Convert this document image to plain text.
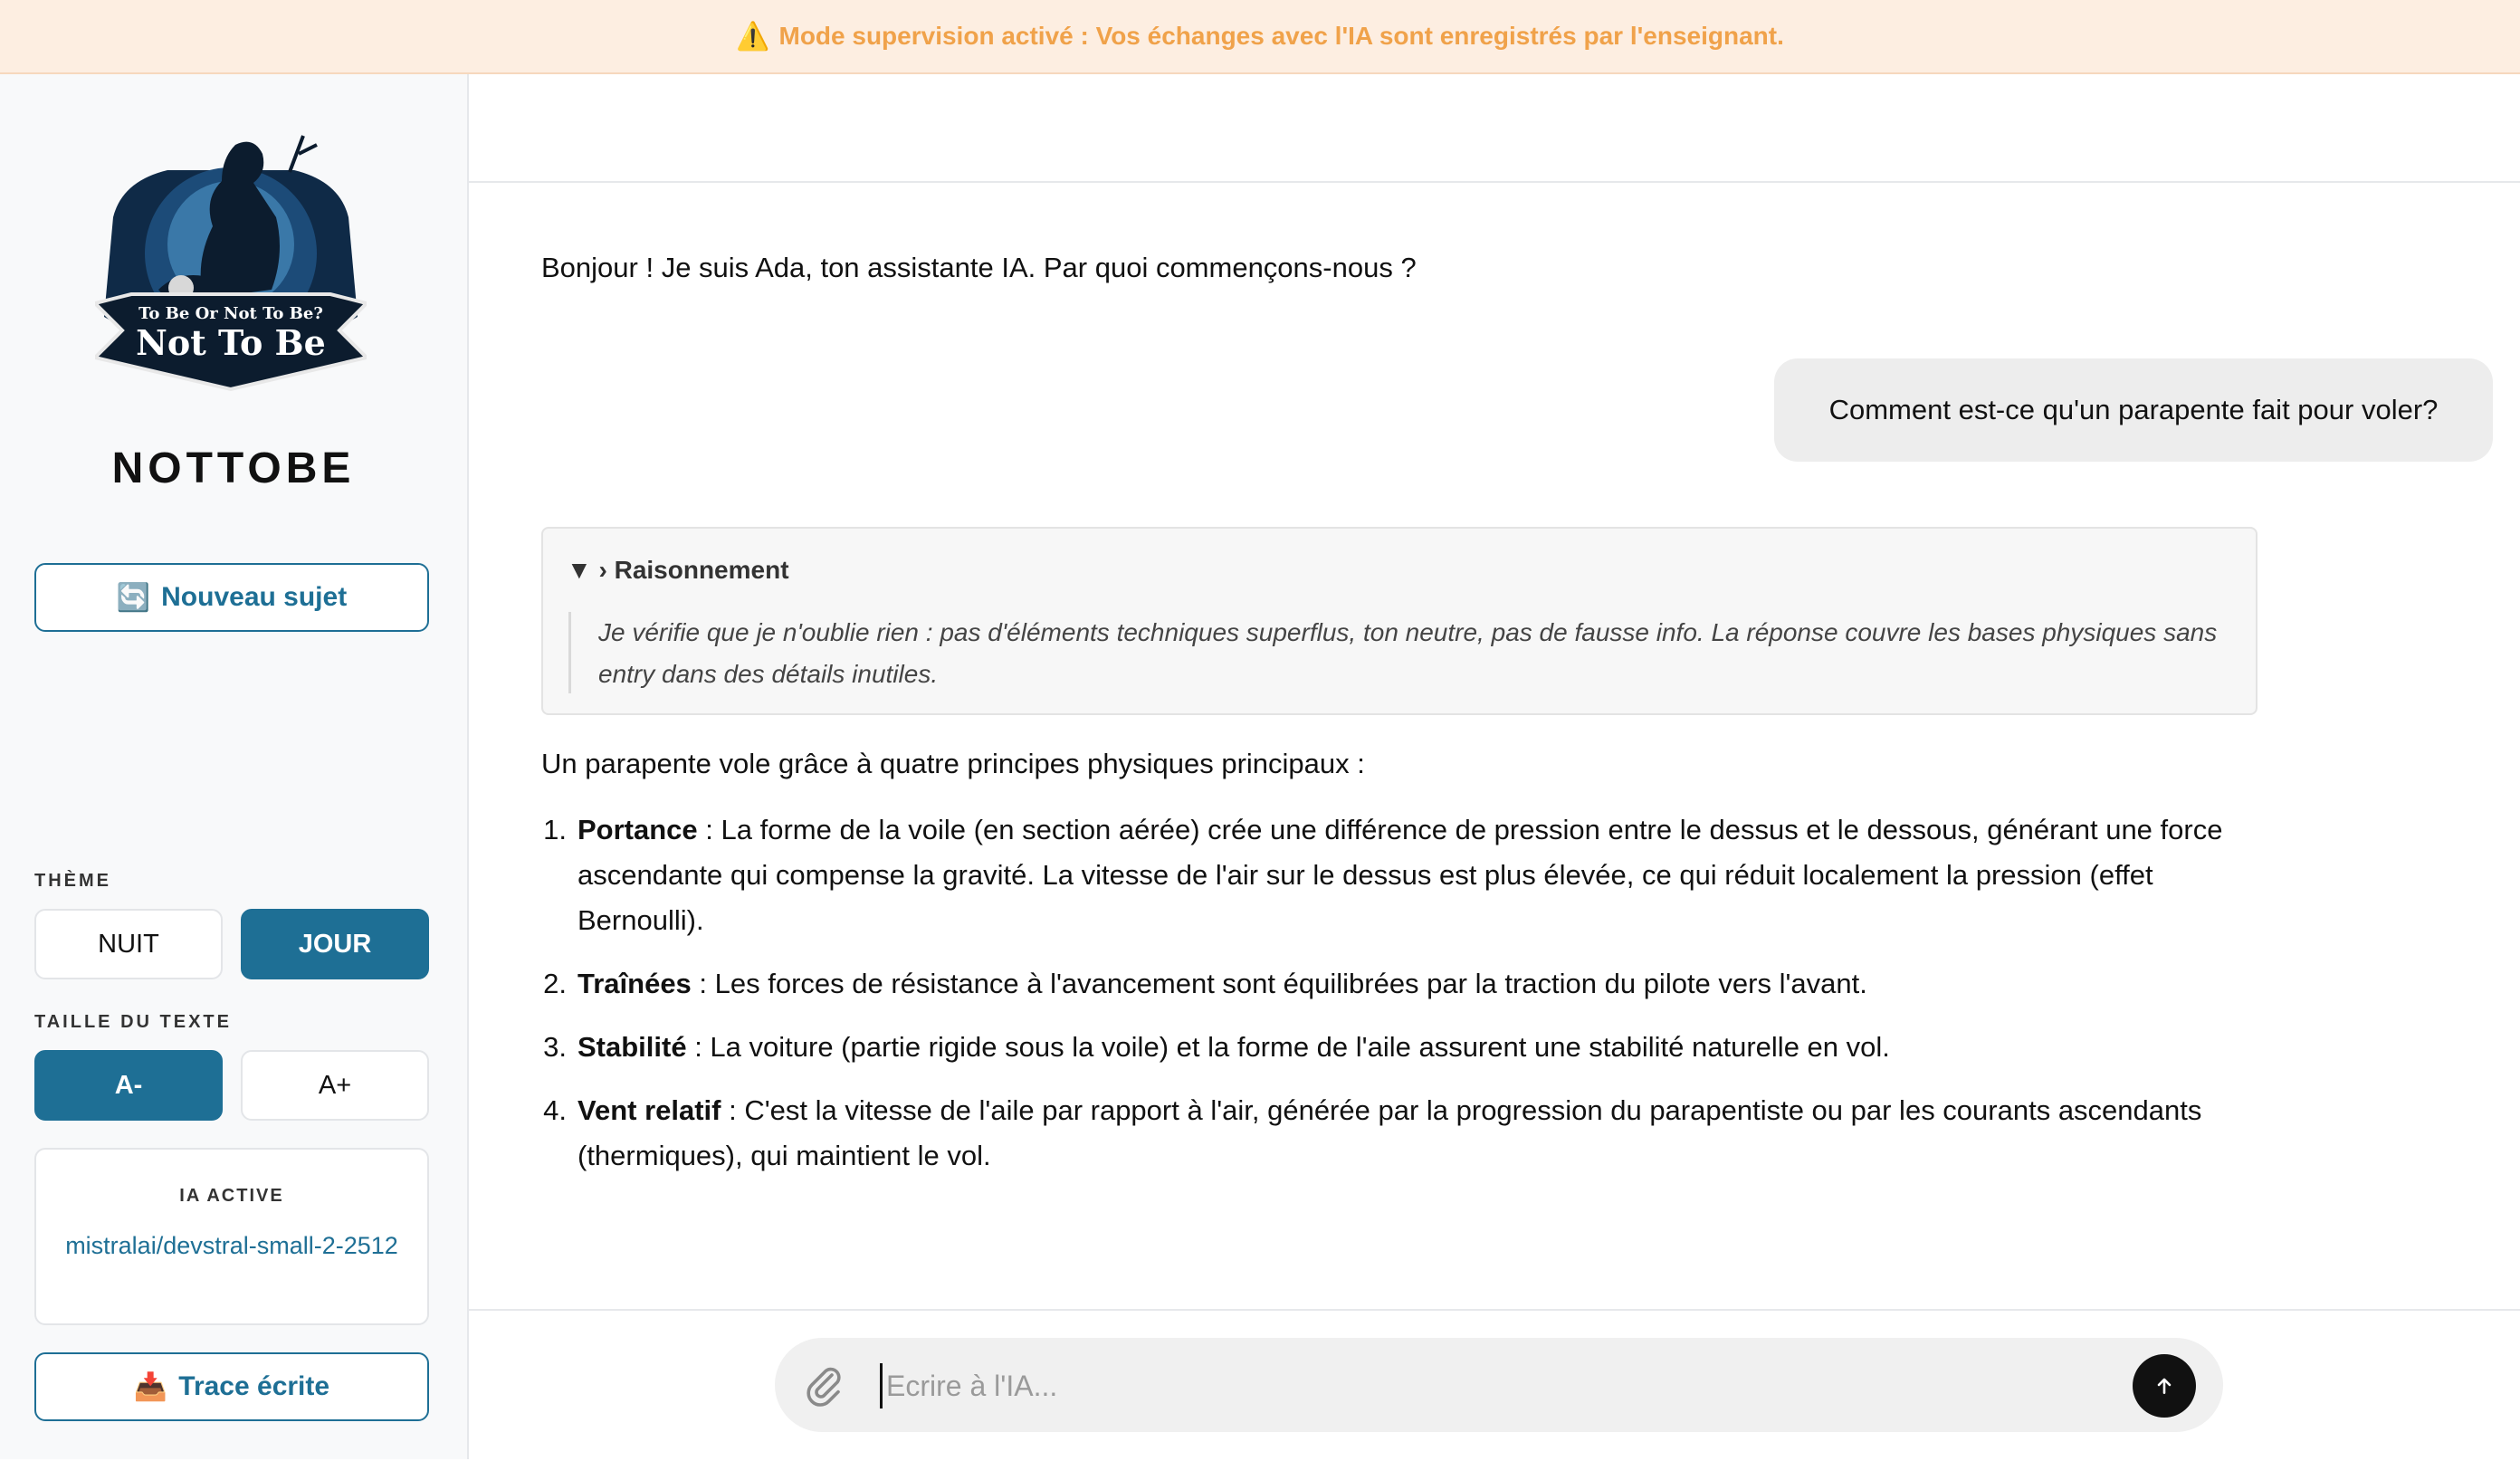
⚠️ Mode supervision activé : Vos échanges avec l'IA sont enregistrés par l'enseignant.
To Be Or Not To Be?
Not To Be
NOTTOBE
🔄 Nouveau sujet
THÈME
NUIT	JOUR
TAILLE DU TEXTE
A-	A+
IA ACTIVE
mistralai/devstral-small-2-2512
📥 Trace écrite
Bonjour ! Je suis Ada, ton assistante IA. Par quoi commençons-nous ?
Comment est-ce qu'un parapente fait pour voler?
▼ › Raisonnement
Je vérifie que je n'oublie rien : pas d'éléments techniques superflus, ton neutre, pas de fausse info. La réponse couvre les bases physiques sans entry dans des détails inutiles.
Un parapente vole grâce à quatre principes physiques principaux :
1. Portance : La forme de la voile (en section aérée) crée une différence de pression entre le dessus et le dessous, générant une force ascendante qui compense la gravité. La vitesse de l'air sur le dessus est plus élevée, ce qui réduit localement la pression (effet Bernoulli).
2. Traînées : Les forces de résistance à l'avancement sont équilibrées par la traction du pilote vers l'avant.
3. Stabilité : La voiture (partie rigide sous la voile) et la forme de l'aile assurent une stabilité naturelle en vol.
4. Vent relatif : C'est la vitesse de l'aile par rapport à l'air, générée par la progression du parapentiste ou par les courants ascendants (thermiques), qui maintient le vol.
Ecrire à l'IA...
